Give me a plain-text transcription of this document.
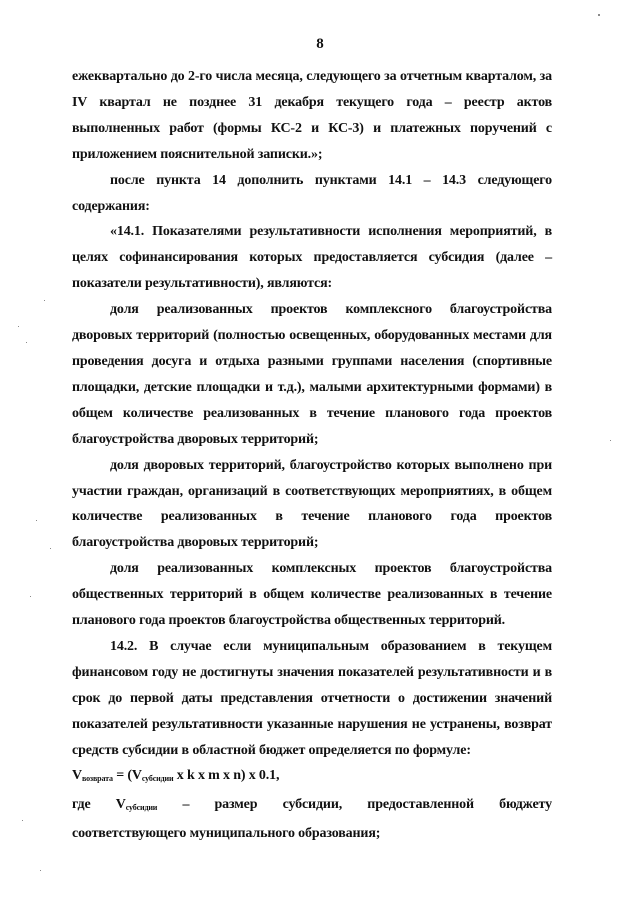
8

ежеквартально до 2-го числа месяца, следующего за отчетным кварталом, за IV квартал не позднее 31 декабря текущего года – реестр актов выполненных работ (формы КС-2 и КС-3) и платежных поручений с приложением пояснительной записки.»;

после пункта 14 дополнить пунктами 14.1 – 14.3 следующего содержания:

«14.1. Показателями результативности исполнения мероприятий, в целях софинансирования которых предоставляется субсидия (далее – показатели результативности), являются:

доля реализованных проектов комплексного благоустройства дворовых территорий (полностью освещенных, оборудованных местами для проведения досуга и отдыха разными группами населения (спортивные площадки, детские площадки и т.д.), малыми архитектурными формами) в общем количестве реализованных в течение планового года проектов благоустройства дворовых территорий;

доля дворовых территорий, благоустройство которых выполнено при участии граждан, организаций в соответствующих мероприятиях, в общем количестве реализованных в течение планового года проектов благоустройства дворовых территорий;

доля реализованных комплексных проектов благоустройства общественных территорий в общем количестве реализованных в течение планового года проектов благоустройства общественных территорий.

14.2. В случае если муниципальным образованием в текущем финансовом году не достигнуты значения показателей результативности и в срок до первой даты представления отчетности о достижении значений показателей результативности указанные нарушения не устранены, возврат средств субсидии в областной бюджет определяется по формуле:

$V_{возврата} = (V_{субсидии}$ x k x m x n) x 0.1,

где $V_{субсидии}$ – размер субсидии, предоставленной бюджету

соответствующего муниципального образования;
